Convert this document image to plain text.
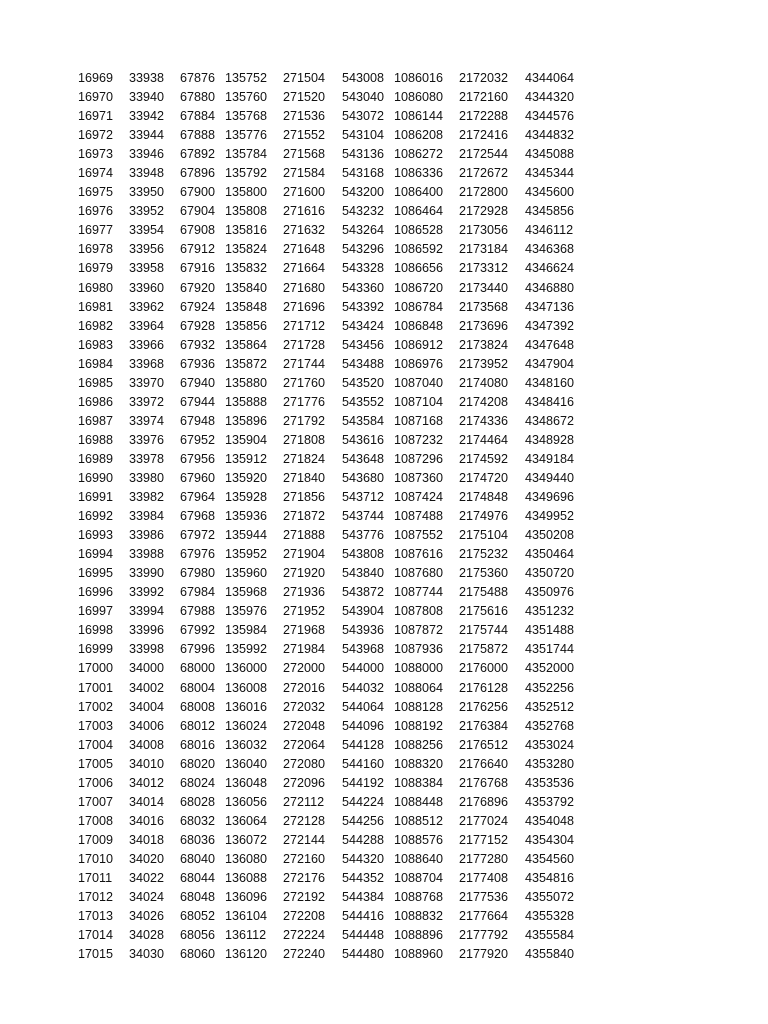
16969 33938 67876 135752 271504 543008 1086016 2172032 4344064
16970 33940 67880 135760 271520 543040 1086080 2172160 4344320
16971 33942 67884 135768 271536 543072 1086144 2172288 4344576
16972 33944 67888 135776 271552 543104 1086208 2172416 4344832
16973 33946 67892 135784 271568 543136 1086272 2172544 4345088
16974 33948 67896 135792 271584 543168 1086336 2172672 4345344
16975 33950 67900 135800 271600 543200 1086400 2172800 4345600
16976 33952 67904 135808 271616 543232 1086464 2172928 4345856
16977 33954 67908 135816 271632 543264 1086528 2173056 4346112
16978 33956 67912 135824 271648 543296 1086592 2173184 4346368
16979 33958 67916 135832 271664 543328 1086656 2173312 4346624
16980 33960 67920 135840 271680 543360 1086720 2173440 4346880
16981 33962 67924 135848 271696 543392 1086784 2173568 4347136
16982 33964 67928 135856 271712 543424 1086848 2173696 4347392
16983 33966 67932 135864 271728 543456 1086912 2173824 4347648
16984 33968 67936 135872 271744 543488 1086976 2173952 4347904
16985 33970 67940 135880 271760 543520 1087040 2174080 4348160
16986 33972 67944 135888 271776 543552 1087104 2174208 4348416
16987 33974 67948 135896 271792 543584 1087168 2174336 4348672
16988 33976 67952 135904 271808 543616 1087232 2174464 4348928
16989 33978 67956 135912 271824 543648 1087296 2174592 4349184
16990 33980 67960 135920 271840 543680 1087360 2174720 4349440
16991 33982 67964 135928 271856 543712 1087424 2174848 4349696
16992 33984 67968 135936 271872 543744 1087488 2174976 4349952
16993 33986 67972 135944 271888 543776 1087552 2175104 4350208
16994 33988 67976 135952 271904 543808 1087616 2175232 4350464
16995 33990 67980 135960 271920 543840 1087680 2175360 4350720
16996 33992 67984 135968 271936 543872 1087744 2175488 4350976
16997 33994 67988 135976 271952 543904 1087808 2175616 4351232
16998 33996 67992 135984 271968 543936 1087872 2175744 4351488
16999 33998 67996 135992 271984 543968 1087936 2175872 4351744
17000 34000 68000 136000 272000 544000 1088000 2176000 4352000
17001 34002 68004 136008 272016 544032 1088064 2176128 4352256
17002 34004 68008 136016 272032 544064 1088128 2176256 4352512
17003 34006 68012 136024 272048 544096 1088192 2176384 4352768
17004 34008 68016 136032 272064 544128 1088256 2176512 4353024
17005 34010 68020 136040 272080 544160 1088320 2176640 4353280
17006 34012 68024 136048 272096 544192 1088384 2176768 4353536
17007 34014 68028 136056 272112 544224 1088448 2176896 4353792
17008 34016 68032 136064 272128 544256 1088512 2177024 4354048
17009 34018 68036 136072 272144 544288 1088576 2177152 4354304
17010 34020 68040 136080 272160 544320 1088640 2177280 4354560
17011 34022 68044 136088 272176 544352 1088704 2177408 4354816
17012 34024 68048 136096 272192 544384 1088768 2177536 4355072
17013 34026 68052 136104 272208 544416 1088832 2177664 4355328
17014 34028 68056 136112 272224 544448 1088896 2177792 4355584
17015 34030 68060 136120 272240 544480 1088960 2177920 4355840
